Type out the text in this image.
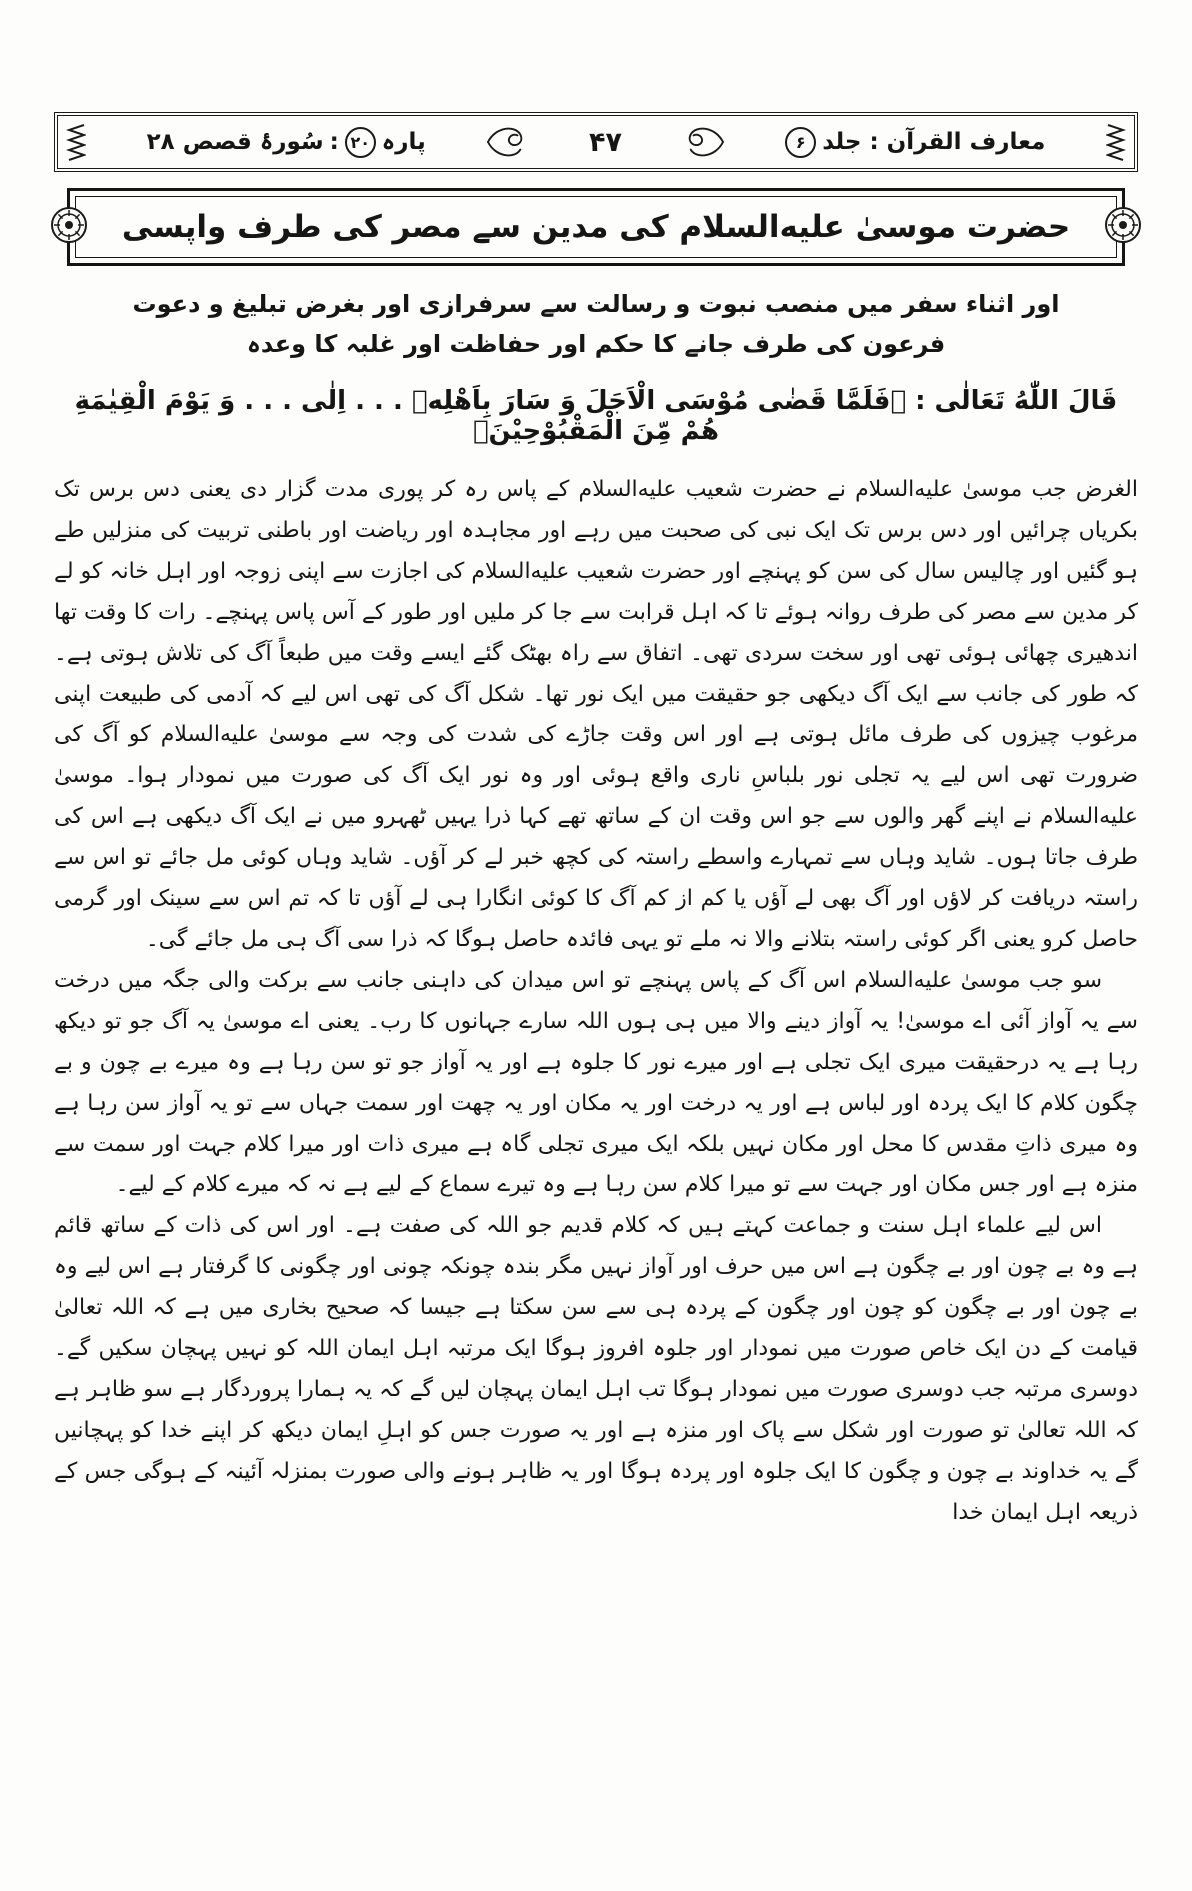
معارف القرآن : جلد
۶
۴۷
پارہ
۲۰
:
سُورۂ قصص ۲۸
حضرت موسیٰ عليه‌السلام کی مدین سے مصر کی طرف واپسی
اور اثناء سفر میں منصب نبوت و رسالت سے سرفرازی اور بغرض تبلیغ و دعوت
فرعون کی طرف جانے کا حکم اور حفاظت اور غلبہ کا وعدہ
قَالَ اللّٰهُ تَعَالٰی : ﴿فَلَمَّا قَضٰی مُوْسَی الْاَجَلَ وَ سَارَ بِاَهْلِهٖ . . . اِلٰی . . . وَ یَوْمَ الْقِیٰمَةِ هُمْ مِّنَ الْمَقْبُوْحِیْنَ﴾

الغرض جب موسیٰ عليه‌السلام نے حضرت شعیب عليه‌السلام کے پاس رہ کر پوری مدت گزار دی یعنی دس برس تک بکریاں چرائیں اور دس برس تک ایک نبی کی صحبت میں رہے اور مجاہدہ اور ریاضت اور باطنی تربیت کی منزلیں طے ہو گئیں اور چالیس سال کی سن کو پہنچے اور حضرت شعیب عليه‌السلام کی اجازت سے اپنی زوجہ اور اہل خانہ کو لے کر مدین سے مصر کی طرف روانہ ہوئے تا کہ اہل قرابت سے جا کر ملیں اور طور کے آس پاس پہنچے۔ رات کا وقت تھا اندھیری چھائی ہوئی تھی اور سخت سردی تھی۔ اتفاق سے راہ بھٹک گئے ایسے وقت میں طبعاً آگ کی تلاش ہوتی ہے۔ کہ طور کی جانب سے ایک آگ دیکھی جو حقیقت میں ایک نور تھا۔ شکل آگ کی تھی اس لیے کہ آدمی کی طبیعت اپنی مرغوب چیزوں کی طرف مائل ہوتی ہے اور اس وقت جاڑے کی شدت کی وجہ سے موسیٰ عليه‌السلام کو آگ کی ضرورت تھی اس لیے یہ تجلی نور بلباسِ ناری واقع ہوئی اور وہ نور ایک آگ کی صورت میں نمودار ہوا۔ موسیٰ عليه‌السلام نے اپنے گھر والوں سے جو اس وقت ان کے ساتھ تھے کہا ذرا یہیں ٹھہرو میں نے ایک آگ دیکھی ہے اس کی طرف جاتا ہوں۔ شاید وہاں سے تمہارے واسطے راستہ کی کچھ خبر لے کر آؤں۔ شاید وہاں کوئی مل جائے تو اس سے راستہ دریافت کر لاؤں اور آگ بھی لے آؤں یا کم از کم آگ کا کوئی انگارا ہی لے آؤں تا کہ تم اس سے سینک اور گرمی حاصل کرو یعنی اگر کوئی راستہ بتلانے والا نہ ملے تو یہی فائدہ حاصل ہوگا کہ ذرا سی آگ ہی مل جائے گی۔

سو جب موسیٰ عليه‌السلام اس آگ کے پاس پہنچے تو اس میدان کی داہنی جانب سے برکت والی جگہ میں درخت سے یہ آواز آئی اے موسیٰ! یہ آواز دینے والا میں ہی ہوں اللہ سارے جہانوں کا رب۔ یعنی اے موسیٰ یہ آگ جو تو دیکھ رہا ہے یہ درحقیقت میری ایک تجلی ہے اور میرے نور کا جلوہ ہے اور یہ آواز جو تو سن رہا ہے وہ میرے بے چون و بے چگون کلام کا ایک پردہ اور لباس ہے اور یہ درخت اور یہ مکان اور یہ چھت اور سمت جہاں سے تو یہ آواز سن رہا ہے وہ میری ذاتِ مقدس کا محل اور مکان نہیں بلکہ ایک میری تجلی گاہ ہے میری ذات اور میرا کلام جہت اور سمت سے منزہ ہے اور جس مکان اور جہت سے تو میرا کلام سن رہا ہے وہ تیرے سماع کے لیے ہے نہ کہ میرے کلام کے لیے۔

اس لیے علماء اہل سنت و جماعت کہتے ہیں کہ کلام قدیم جو اللہ کی صفت ہے۔ اور اس کی ذات کے ساتھ قائم ہے وہ بے چون اور بے چگون ہے اس میں حرف اور آواز نہیں مگر بندہ چونکہ چونی اور چگونی کا گرفتار ہے اس لیے وہ بے چون اور بے چگون کو چون اور چگون کے پردہ ہی سے سن سکتا ہے جیسا کہ صحیح بخاری میں ہے کہ اللہ تعالیٰ قیامت کے دن ایک خاص صورت میں نمودار اور جلوہ افروز ہوگا ایک مرتبہ اہل ایمان اللہ کو نہیں پہچان سکیں گے۔ دوسری مرتبہ جب دوسری صورت میں نمودار ہوگا تب اہل ایمان پہچان لیں گے کہ یہ ہمارا پروردگار ہے سو ظاہر ہے کہ اللہ تعالیٰ تو صورت اور شکل سے پاک اور منزہ ہے اور یہ صورت جس کو اہلِ ایمان دیکھ کر اپنے خدا کو پہچانیں گے یہ خداوند بے چون و چگون کا ایک جلوہ اور پردہ ہوگا اور یہ ظاہر ہونے والی صورت بمنزلہ آئینہ کے ہوگی جس کے ذریعہ اہل ایمان خدا
